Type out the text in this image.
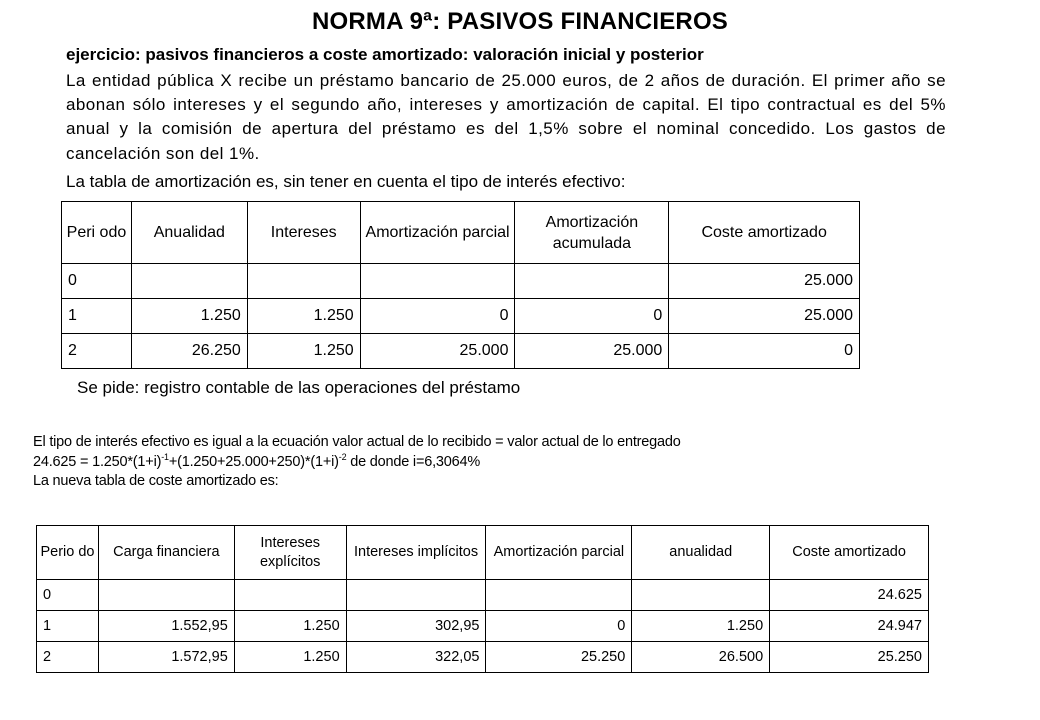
NORMA 9ª: PASIVOS FINANCIEROS
ejercicio: pasivos financieros a coste amortizado: valoración inicial y posterior
La entidad pública X recibe un préstamo bancario de 25.000 euros, de 2 años de duración. El primer año se abonan sólo intereses y el segundo año, intereses y amortización de capital. El tipo contractual es del 5% anual y la comisión de apertura del préstamo es del 1,5% sobre el nominal concedido. Los gastos de cancelación son del 1%.
La tabla de amortización es, sin tener en cuenta el tipo de interés efectivo:
Peri odo	Anualidad	Intereses	Amortización parcial	Amortización acumulada	Coste amortizado
0					25.000
1	1.250	1.250	0	0	25.000
2	26.250	1.250	25.000	25.000	0
Se pide: registro contable de las operaciones del préstamo
El tipo de interés efectivo es igual a la ecuación valor actual de lo recibido = valor actual de lo entregado
$24.625 = 1.250*(1+i)^{-1}+(1.250+25.000+250)*(1+i)^{-2}$ de donde i=6,3064%
La nueva tabla de coste amortizado es:
Perio do	Carga financiera	Intereses explícitos	Intereses implícitos	Amortización parcial	anualidad	Coste amortizado
0						24.625
1	1.552,95	1.250	302,95	0	1.250	24.947
2	1.572,95	1.250	322,05	25.250	26.500	25.250
